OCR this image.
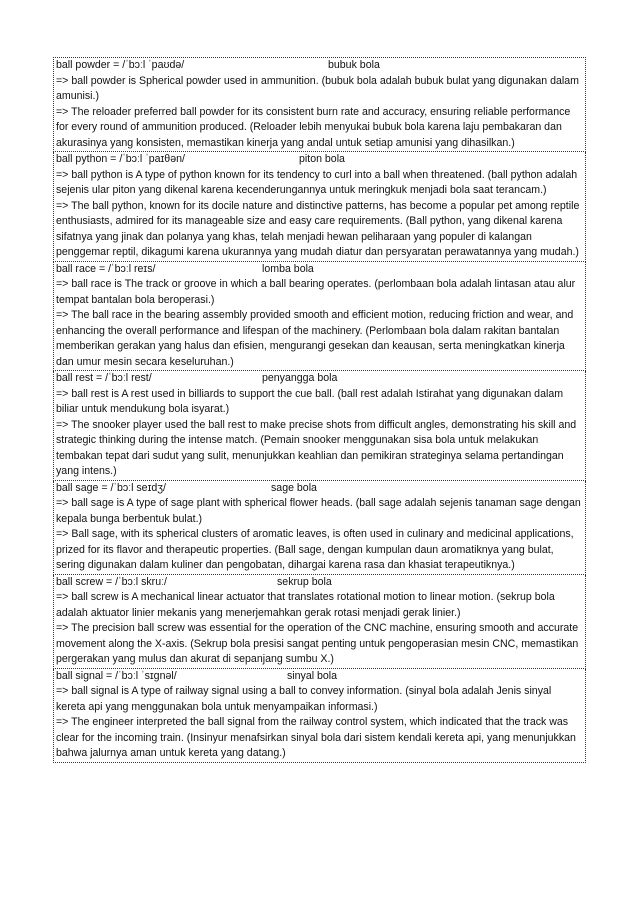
ball powder = /ˈbɔːl ˈpaʊdə/	bubuk bola

=> ball powder is Spherical powder used in ammunition. (bubuk bola adalah bubuk bulat yang digunakan dalam amunisi.)

=> The reloader preferred ball powder for its consistent burn rate and accuracy, ensuring reliable performance for every round of ammunition produced. (Reloader lebih menyukai bubuk bola karena laju pembakaran dan akurasinya yang konsisten, memastikan kinerja yang andal untuk setiap amunisi yang dihasilkan.)

ball python = /ˈbɔːl ˈpaɪθən/	piton bola

=> ball python is A type of python known for its tendency to curl into a ball when threatened. (ball python adalah sejenis ular piton yang dikenal karena kecenderungannya untuk meringkuk menjadi bola saat terancam.)

=> The ball python, known for its docile nature and distinctive patterns, has become a popular pet among reptile enthusiasts, admired for its manageable size and easy care requirements. (Ball python, yang dikenal karena sifatnya yang jinak dan polanya yang khas, telah menjadi hewan peliharaan yang populer di kalangan penggemar reptil, dikagumi karena ukurannya yang mudah diatur dan persyaratan perawatannya yang mudah.)

ball race = /ˈbɔːl reɪs/	lomba bola

=> ball race is The track or groove in which a ball bearing operates. (perlombaan bola adalah lintasan atau alur tempat bantalan bola beroperasi.)

=> The ball race in the bearing assembly provided smooth and efficient motion, reducing friction and wear, and enhancing the overall performance and lifespan of the machinery. (Perlombaan bola dalam rakitan bantalan memberikan gerakan yang halus dan efisien, mengurangi gesekan dan keausan, serta meningkatkan kinerja dan umur mesin secara keseluruhan.)

ball rest = /ˈbɔːl rest/	penyangga bola

=> ball rest is A rest used in billiards to support the cue ball. (ball rest adalah Istirahat yang digunakan dalam biliar untuk mendukung bola isyarat.)

=> The snooker player used the ball rest to make precise shots from difficult angles, demonstrating his skill and strategic thinking during the intense match. (Pemain snooker menggunakan sisa bola untuk melakukan tembakan tepat dari sudut yang sulit, menunjukkan keahlian dan pemikiran strateginya selama pertandingan yang intens.)

ball sage = /ˈbɔːl seɪdʒ/	sage bola

=> ball sage is A type of sage plant with spherical flower heads. (ball sage adalah sejenis tanaman sage dengan kepala bunga berbentuk bulat.)

=> Ball sage, with its spherical clusters of aromatic leaves, is often used in culinary and medicinal applications, prized for its flavor and therapeutic properties. (Ball sage, dengan kumpulan daun aromatiknya yang bulat, sering digunakan dalam kuliner dan pengobatan, dihargai karena rasa dan khasiat terapeutiknya.)

ball screw = /ˈbɔːl skruː/	sekrup bola

=> ball screw is A mechanical linear actuator that translates rotational motion to linear motion. (sekrup bola adalah aktuator linier mekanis yang menerjemahkan gerak rotasi menjadi gerak linier.)

=> The precision ball screw was essential for the operation of the CNC machine, ensuring smooth and accurate movement along the X-axis. (Sekrup bola presisi sangat penting untuk pengoperasian mesin CNC, memastikan pergerakan yang mulus dan akurat di sepanjang sumbu X.)

ball signal = /ˈbɔːl ˈsɪgnəl/	sinyal bola

=> ball signal is A type of railway signal using a ball to convey information. (sinyal bola adalah Jenis sinyal kereta api yang menggunakan bola untuk menyampaikan informasi.)

=> The engineer interpreted the ball signal from the railway control system, which indicated that the track was clear for the incoming train. (Insinyur menafsirkan sinyal bola dari sistem kendali kereta api, yang menunjukkan bahwa jalurnya aman untuk kereta yang datang.)
